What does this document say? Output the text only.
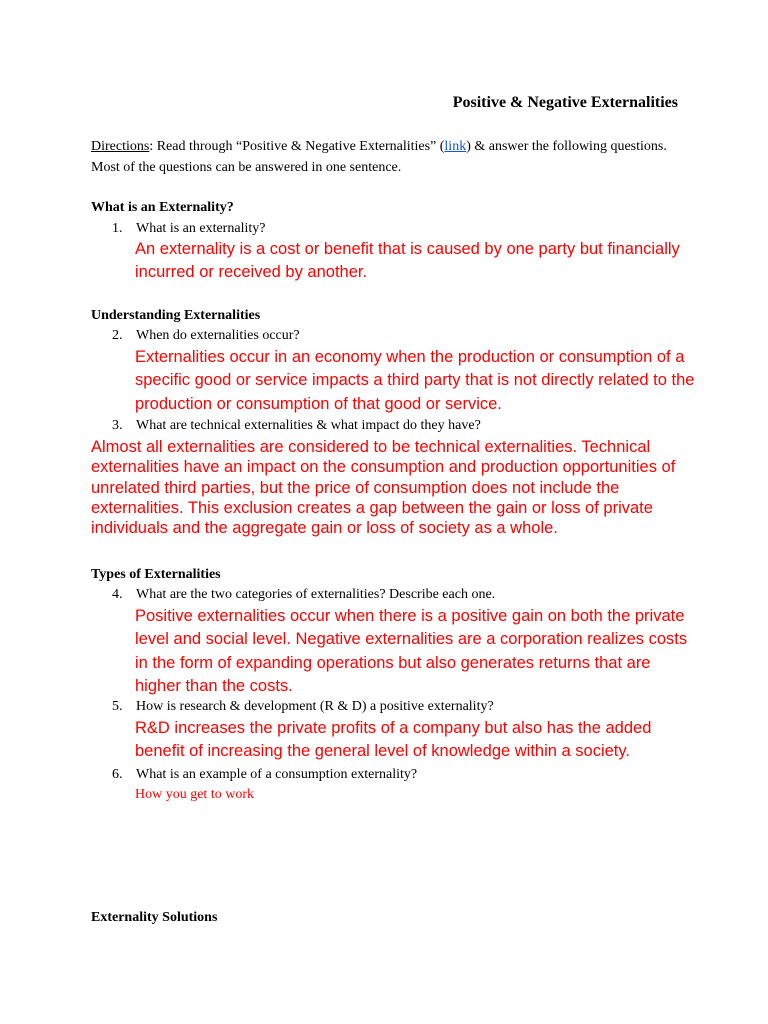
Positive & Negative Externalities
Directions: Read through “Positive & Negative Externalities” (link) & answer the following questions. Most of the questions can be answered in one sentence.
What is an Externality?
1. What is an externality?
An externality is a cost or benefit that is caused by one party but financially incurred or received by another.
Understanding Externalities
2. When do externalities occur?
Externalities occur in an economy when the production or consumption of a specific good or service impacts a third party that is not directly related to the production or consumption of that good or service.
3. What are technical externalities & what impact do they have?
Almost all externalities are considered to be technical externalities. Technical externalities have an impact on the consumption and production opportunities of unrelated third parties, but the price of consumption does not include the externalities. This exclusion creates a gap between the gain or loss of private individuals and the aggregate gain or loss of society as a whole.
Types of Externalities
4. What are the two categories of externalities? Describe each one.
Positive externalities occur when there is a positive gain on both the private level and social level. Negative externalities are a corporation realizes costs in the form of expanding operations but also generates returns that are higher than the costs.
5. How is research & development (R & D) a positive externality?
R&D increases the private profits of a company but also has the added benefit of increasing the general level of knowledge within a society.
6. What is an example of a consumption externality?
How you get to work
Externality Solutions
